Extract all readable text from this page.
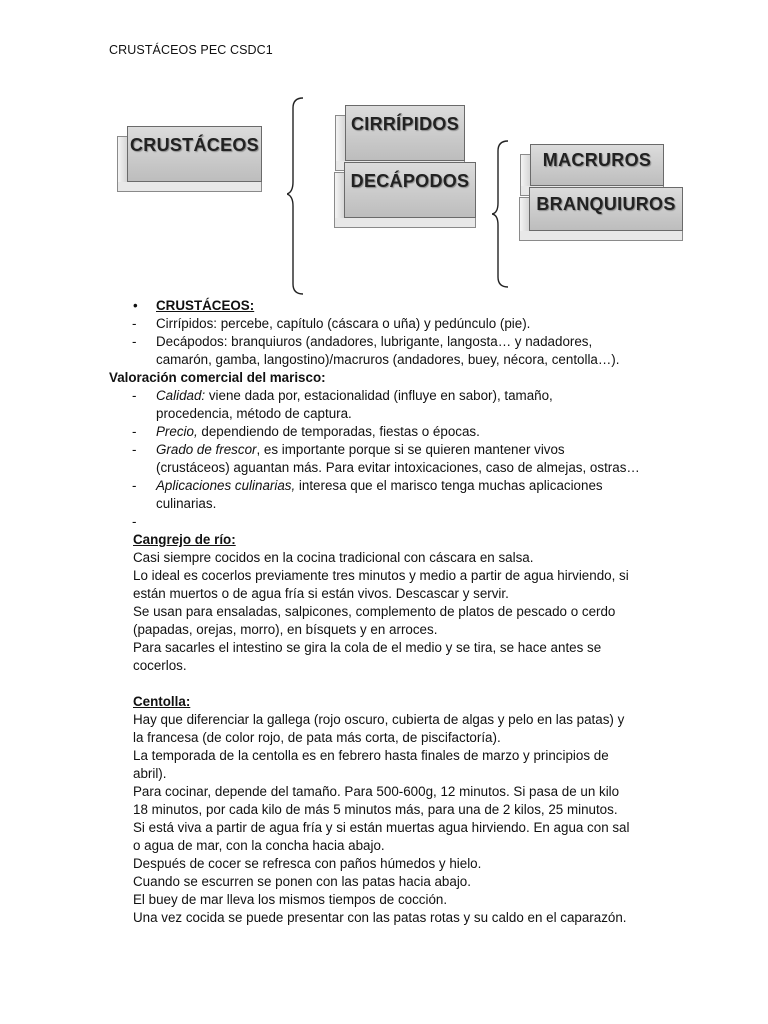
CRUSTÁCEOS PEC CSDC1
CRUSTÁCEOS
CIRRÍPIDOS
DECÁPODOS
MACRUROS
BRANQUIUROS
• CRUSTÁCEOS:
- Cirrípidos: percebe, capítulo (cáscara o uña) y pedúnculo (pie).
- Decápodos: branquiuros (andadores, lubrigante, langosta… y nadadores,
camarón, gamba, langostino)/macruros (andadores, buey, nécora, centolla…).
Valoración comercial del marisco:
- Calidad: viene dada por, estacionalidad (influye en sabor), tamaño,
procedencia, método de captura.
- Precio, dependiendo de temporadas, fiestas o épocas.
- Grado de frescor, es importante porque si se quieren mantener vivos
(crustáceos) aguantan más. Para evitar intoxicaciones, caso de almejas, ostras…
- Aplicaciones culinarias, interesa que el marisco tenga muchas aplicaciones
culinarias.
-
Cangrejo de río:
Casi siempre cocidos en la cocina tradicional con cáscara en salsa.
Lo ideal es cocerlos previamente tres minutos y medio a partir de agua hirviendo, si
están muertos o de agua fría si están vivos. Descascar y servir.
Se usan para ensaladas, salpicones, complemento de platos de pescado o cerdo
(papadas, orejas, morro), en bísquets y en arroces.
Para sacarles el intestino se gira la cola de el medio y se tira, se hace antes se
cocerlos.
Centolla:
Hay que diferenciar la gallega (rojo oscuro, cubierta de algas y pelo en las patas) y
la francesa (de color rojo, de pata más corta, de piscifactoría).
La temporada de la centolla es en febrero hasta finales de marzo y principios de
abril).
Para cocinar, depende del tamaño. Para 500-600g, 12 minutos. Si pasa de un kilo
18 minutos, por cada kilo de más 5 minutos más, para una de 2 kilos, 25 minutos.
Si está viva a partir de agua fría y si están muertas agua hirviendo. En agua con sal
o agua de mar, con la concha hacia abajo.
Después de cocer se refresca con paños húmedos y hielo.
Cuando se escurren se ponen con las patas hacia abajo.
El buey de mar lleva los mismos tiempos de cocción.
Una vez cocida se puede presentar con las patas rotas y su caldo en el caparazón.
